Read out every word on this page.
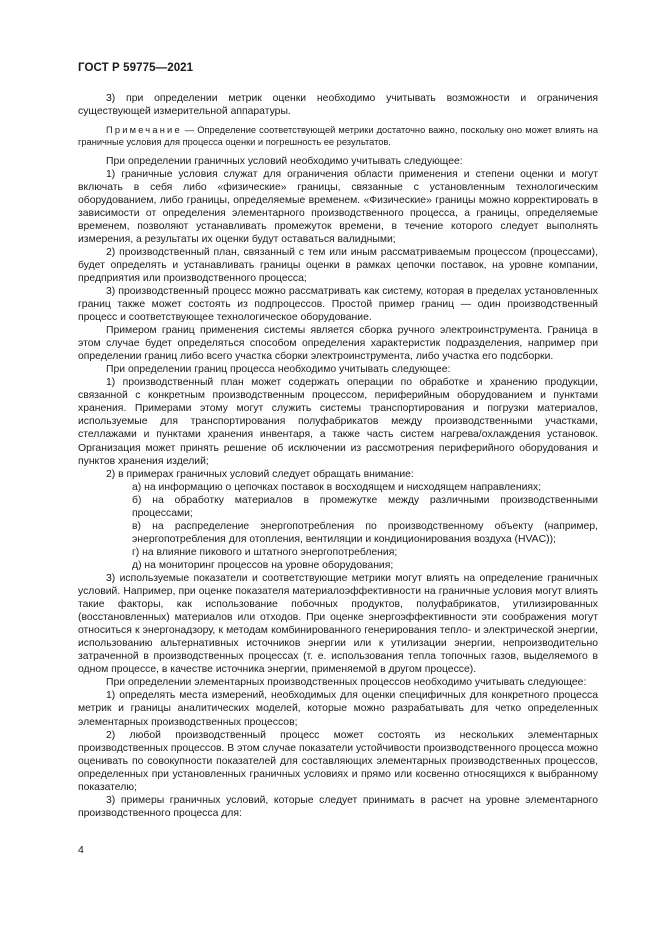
ГОСТ Р 59775—2021

3) при определении метрик оценки необходимо учитывать возможности и ограничения существующей измерительной аппаратуры.

Примечание — Определение соответствующей метрики достаточно важно, поскольку оно может влиять на граничные условия для процесса оценки и погрешность ее результатов.

При определении граничных условий необходимо учитывать следующее:

1) граничные условия служат для ограничения области применения и степени оценки и могут включать в себя либо «физические» границы, связанные с установленным технологическим оборудованием, либо границы, определяемые временем. «Физические» границы можно корректировать в зависимости от определения элементарного производственного процесса, а границы, определяемые временем, позволяют устанавливать промежуток времени, в течение которого следует выполнять измерения, а результаты их оценки будут оставаться валидными;

2) производственный план, связанный с тем или иным рассматриваемым процессом (процессами), будет определять и устанавливать границы оценки в рамках цепочки поставок, на уровне компании, предприятия или производственного процесса;

3) производственный процесс можно рассматривать как систему, которая в пределах установленных границ также может состоять из подпроцессов. Простой пример границ — один производственный процесс и соответствующее технологическое оборудование.

Примером границ применения системы является сборка ручного электроинструмента. Граница в этом случае будет определяться способом определения характеристик подразделения, например при определении границ либо всего участка сборки электроинструмента, либо участка его подсборки.

При определении границ процесса необходимо учитывать следующее:

1) производственный план может содержать операции по обработке и хранению продукции, связанной с конкретным производственным процессом, периферийным оборудованием и пунктами хранения. Примерами этому могут служить системы транспортирования и погрузки материалов, используемые для транспортирования полуфабрикатов между производственными участками, стеллажами и пунктами хранения инвентаря, а также часть систем нагрева/охлаждения установок. Организация может принять решение об исключении из рассмотрения периферийного оборудования и пунктов хранения изделий;

2) в примерах граничных условий следует обращать внимание:

а) на информацию о цепочках поставок в восходящем и нисходящем направлениях;

б) на обработку материалов в промежутке между различными производственными процессами;

в) на распределение энергопотребления по производственному объекту (например, энергопотребления для отопления, вентиляции и кондиционирования воздуха (HVAC));

г) на влияние пикового и штатного энергопотребления;

д) на мониторинг процессов на уровне оборудования;

3) используемые показатели и соответствующие метрики могут влиять на определение граничных условий. Например, при оценке показателя материалоэффективности на граничные условия могут влиять такие факторы, как использование побочных продуктов, полуфабрикатов, утилизированных (восстановленных) материалов или отходов. При оценке энергоэффективности эти соображения могут относиться к энергонадзору, к методам комбинированного генерирования тепло- и электрической энергии, использованию альтернативных источников энергии или к утилизации энергии, непроизводительно затраченной в производственных процессах (т. е. использования тепла топочных газов, выделяемого в одном процессе, в качестве источника энергии, применяемой в другом процессе).

При определении элементарных производственных процессов необходимо учитывать следующее:

1) определять места измерений, необходимых для оценки специфичных для конкретного процесса метрик и границы аналитических моделей, которые можно разрабатывать для четко определенных элементарных производственных процессов;

2) любой производственный процесс может состоять из нескольких элементарных производственных процессов. В этом случае показатели устойчивости производственного процесса можно оценивать по совокупности показателей для составляющих элементарных производственных процессов, определенных при установленных граничных условиях и прямо или косвенно относящихся к выбранному показателю;

3) примеры граничных условий, которые следует принимать в расчет на уровне элементарного производственного процесса для:

4
